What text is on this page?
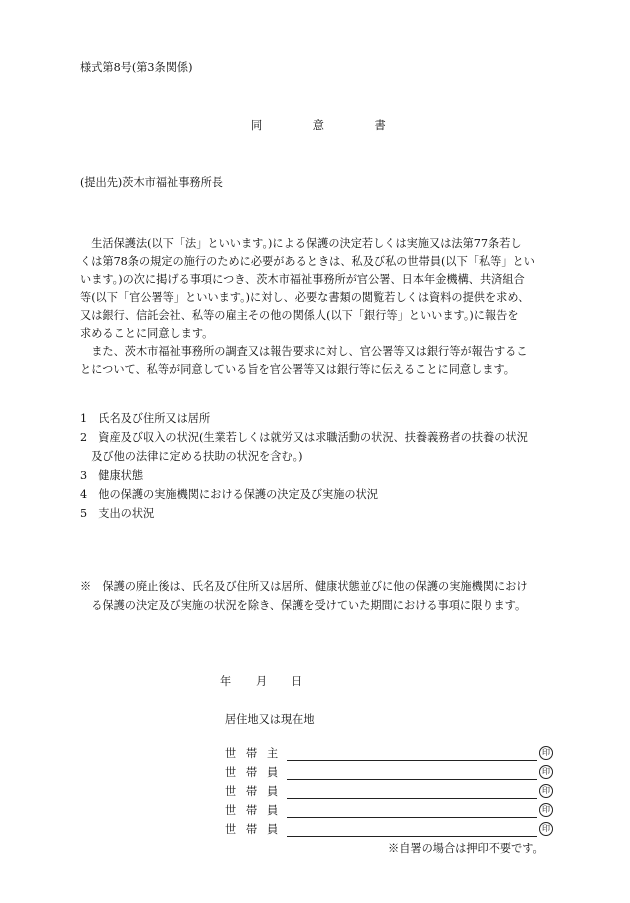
様式第8号(第3条関係)
同	意	書
(提出先)茨木市福祉事務所長
　生活保護法(以下「法」といいます。)による保護の決定若しくは実施又は法第77条若し
くは第78条の規定の施行のために必要があるときは、私及び私の世帯員(以下「私等」とい
います。)の次に掲げる事項につき、茨木市福祉事務所が官公署、日本年金機構、共済組合
等(以下「官公署等」といいます。)に対し、必要な書類の閲覧若しくは資料の提供を求め、
又は銀行、信託会社、私等の雇主その他の関係人(以下「銀行等」といいます。)に報告を
求めることに同意します。
　また、茨木市福祉事務所の調査又は報告要求に対し、官公署等又は銀行等が報告するこ
とについて、私等が同意している旨を官公署等又は銀行等に伝えることに同意します。
1　氏名及び住所又は居所
2　資産及び収入の状況(生業若しくは就労又は求職活動の状況、扶養義務者の扶養の状況
　及び他の法律に定める扶助の状況を含む。)
3　健康状態
4　他の保護の実施機関における保護の決定及び実施の状況
5　支出の状況
※　保護の廃止後は、氏名及び住所又は居所、健康状態並びに他の保護の実施機関におけ
　る保護の決定及び実施の状況を除き、保護を受けていた期間における事項に限ります。
年 月 日
居住地又は現在地
世 帯 主	印
世 帯 員	印
世 帯 員	印
世 帯 員	印
世 帯 員	印
※自署の場合は押印不要です。
